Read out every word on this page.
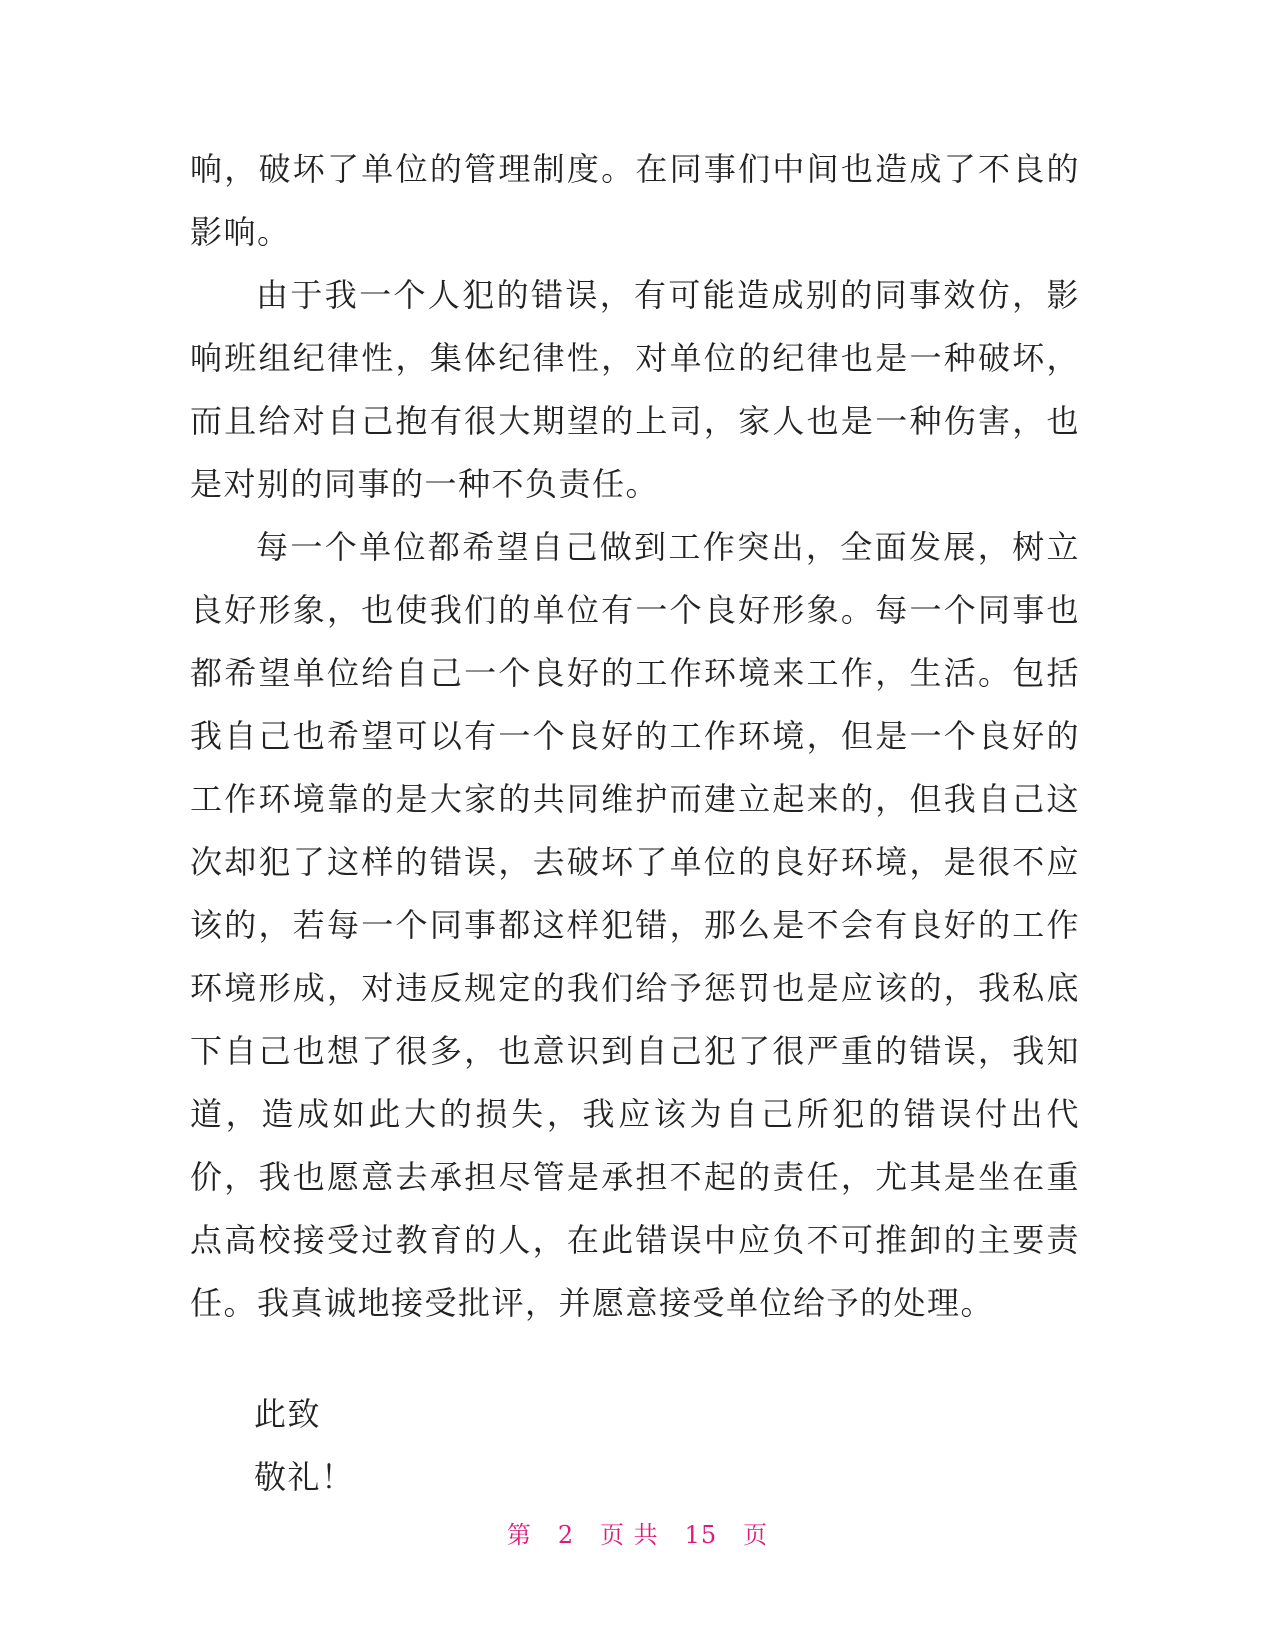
响，破坏了单位的管理制度。在同事们中间也造成了不良的影响。

由于我一个人犯的错误，有可能造成别的同事效仿，影响班组纪律性，集体纪律性，对单位的纪律也是一种破坏，而且给对自己抱有很大期望的上司，家人也是一种伤害，也是对别的同事的一种不负责任。

每一个单位都希望自己做到工作突出，全面发展，树立良好形象，也使我们的单位有一个良好形象。每一个同事也都希望单位给自己一个良好的工作环境来工作，生活。包括我自己也希望可以有一个良好的工作环境，但是一个良好的工作环境靠的是大家的共同维护而建立起来的，但我自己这次却犯了这样的错误，去破坏了单位的良好环境，是很不应该的，若每一个同事都这样犯错，那么是不会有良好的工作环境形成，对违反规定的我们给予惩罚也是应该的，我私底下自己也想了很多，也意识到自己犯了很严重的错误，我知道，造成如此大的损失，我应该为自己所犯的错误付出代价，我也愿意去承担尽管是承担不起的责任，尤其是坐在重点高校接受过教育的人，在此错误中应负不可推卸的主要责任。我真诚地接受批评，并愿意接受单位给予的处理。

此致

敬礼！

第 2 页 共 15 页
